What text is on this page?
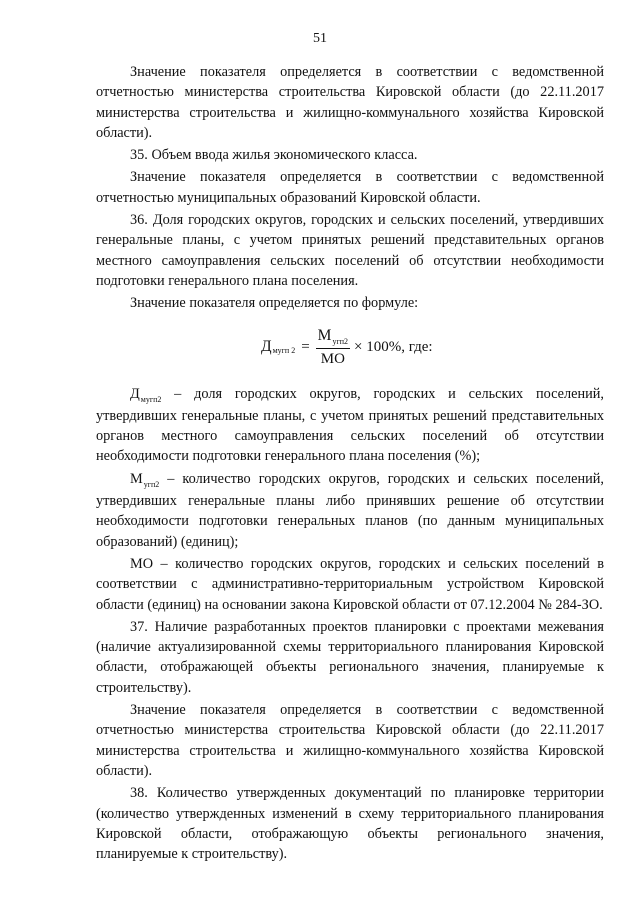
51

Значение показателя определяется в соответствии с ведомственной отчетностью министерства строительства Кировской области (до 22.11.2017 министерства строительства и жилищно-коммунального хозяйства Кировской области).

35. Объем ввода жилья экономического класса.

Значение показателя определяется в соответствии с ведомственной отчетностью муниципальных образований Кировской области.

36. Доля городских округов, городских и сельских поселений, утвердивших генеральные планы, с учетом принятых решений представительных органов местного самоуправления сельских поселений об отсутствии необходимости подготовки генерального плана поселения.

Значение показателя определяется по формуле:

Д мугп $2 = \frac{М_{угп2}}{МО} \times 100\%$, где:

$Д_{мугп2}$ – доля городских округов, городских и сельских поселений, утвердивших генеральные планы, с учетом принятых решений представительных органов местного самоуправления сельских поселений об отсутствии необходимости подготовки генерального плана поселения (%);

$М_{угп2}$ – количество городских округов, городских и сельских поселений, утвердивших генеральные планы либо принявших решение об отсутствии необходимости подготовки генеральных планов (по данным муниципальных образований) (единиц);

МО – количество городских округов, городских и сельских поселений в соответствии с административно-территориальным устройством Кировской области (единиц) на основании закона Кировской области от 07.12.2004 № 284-ЗО.

37. Наличие разработанных проектов планировки с проектами межевания (наличие актуализированной схемы территориального планирования Кировской области, отображающей объекты регионального значения, планируемые к строительству).

Значение показателя определяется в соответствии с ведомственной отчетностью министерства строительства Кировской области (до 22.11.2017 министерства строительства и жилищно-коммунального хозяйства Кировской области).

38. Количество утвержденных документаций по планировке территории (количество утвержденных изменений в схему территориального планирования Кировской области, отображающую объекты регионального значения, планируемые к строительству).
